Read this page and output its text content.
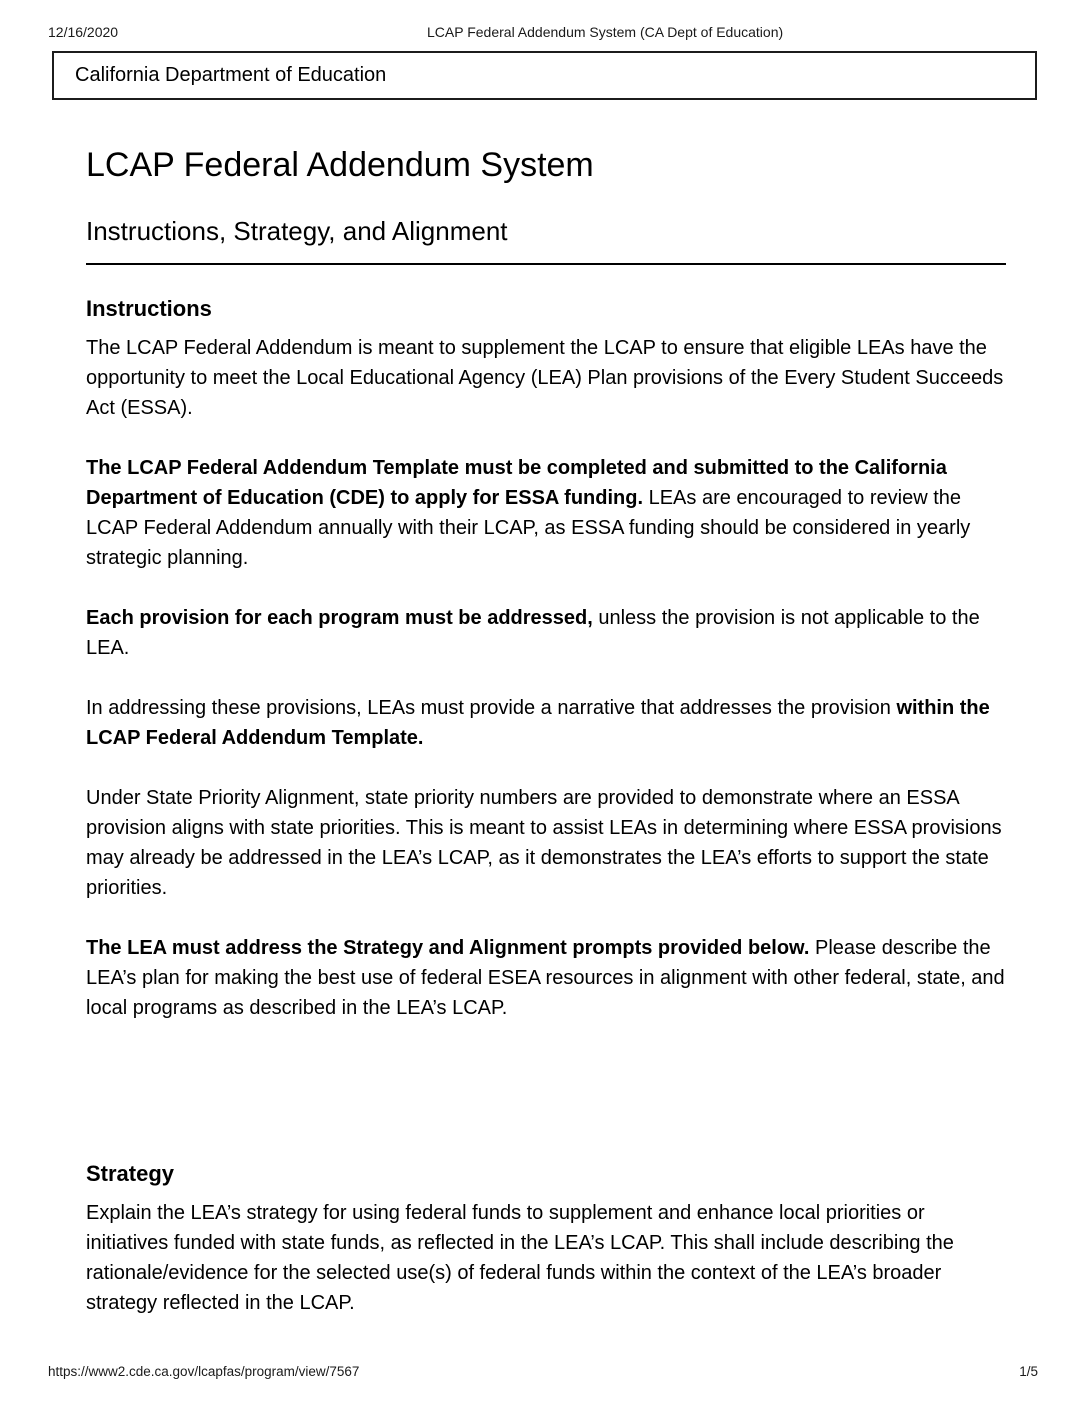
12/16/2020	LCAP Federal Addendum System (CA Dept of Education)
California Department of Education
LCAP Federal Addendum System
Instructions, Strategy, and Alignment
Instructions

The LCAP Federal Addendum is meant to supplement the LCAP to ensure that eligible LEAs have the opportunity to meet the Local Educational Agency (LEA) Plan provisions of the Every Student Succeeds Act (ESSA).

The LCAP Federal Addendum Template must be completed and submitted to the California Department of Education (CDE) to apply for ESSA funding. LEAs are encouraged to review the LCAP Federal Addendum annually with their LCAP, as ESSA funding should be considered in yearly strategic planning.

Each provision for each program must be addressed, unless the provision is not applicable to the LEA.

In addressing these provisions, LEAs must provide a narrative that addresses the provision within the LCAP Federal Addendum Template.

Under State Priority Alignment, state priority numbers are provided to demonstrate where an ESSA provision aligns with state priorities. This is meant to assist LEAs in determining where ESSA provisions may already be addressed in the LEA’s LCAP, as it demonstrates the LEA’s efforts to support the state priorities.

The LEA must address the Strategy and Alignment prompts provided below. Please describe the LEA’s plan for making the best use of federal ESEA resources in alignment with other federal, state, and local programs as described in the LEA’s LCAP.

Strategy

Explain the LEA’s strategy for using federal funds to supplement and enhance local priorities or initiatives funded with state funds, as reflected in the LEA’s LCAP. This shall include describing the rationale/evidence for the selected use(s) of federal funds within the context of the LEA’s broader strategy reflected in the LCAP.

https://www2.cde.ca.gov/lcapfas/program/view/7567	1/5
